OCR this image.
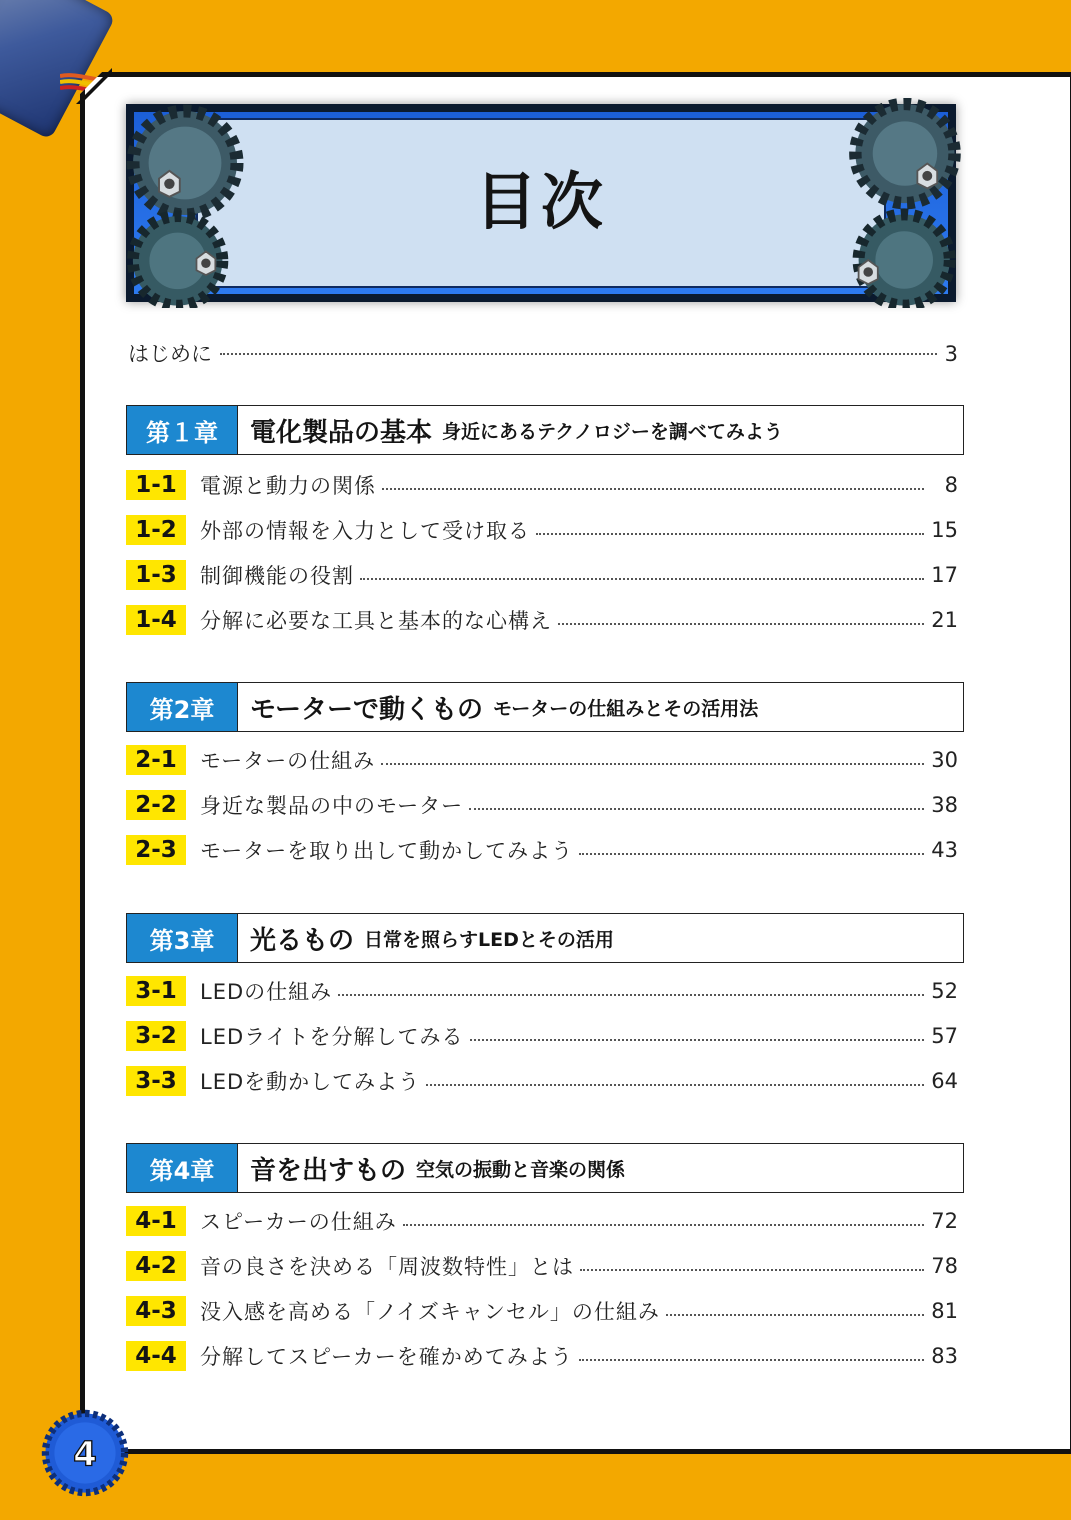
目次
はじめに	3
第１章	電化製品の基本 身近にあるテクノロジーを調べてみよう
1-1	電源と動力の関係	8
1-2	外部の情報を入力として受け取る	15
1-3	制御機能の役割	17
1-4	分解に必要な工具と基本的な心構え	21
第2章	モーターで動くもの モーターの仕組みとその活用法
2-1	モーターの仕組み	30
2-2	身近な製品の中のモーター	38
2-3	モーターを取り出して動かしてみよう	43
第3章	光るもの 日常を照らすLEDとその活用
3-1	LEDの仕組み	52
3-2	LEDライトを分解してみる	57
3-3	LEDを動かしてみよう	64
第4章	音を出すもの 空気の振動と音楽の関係
4-1	スピーカーの仕組み	72
4-2	音の良さを決める「周波数特性」とは	78
4-3	没入感を高める「ノイズキャンセル」の仕組み	81
4-4	分解してスピーカーを確かめてみよう	83
4
